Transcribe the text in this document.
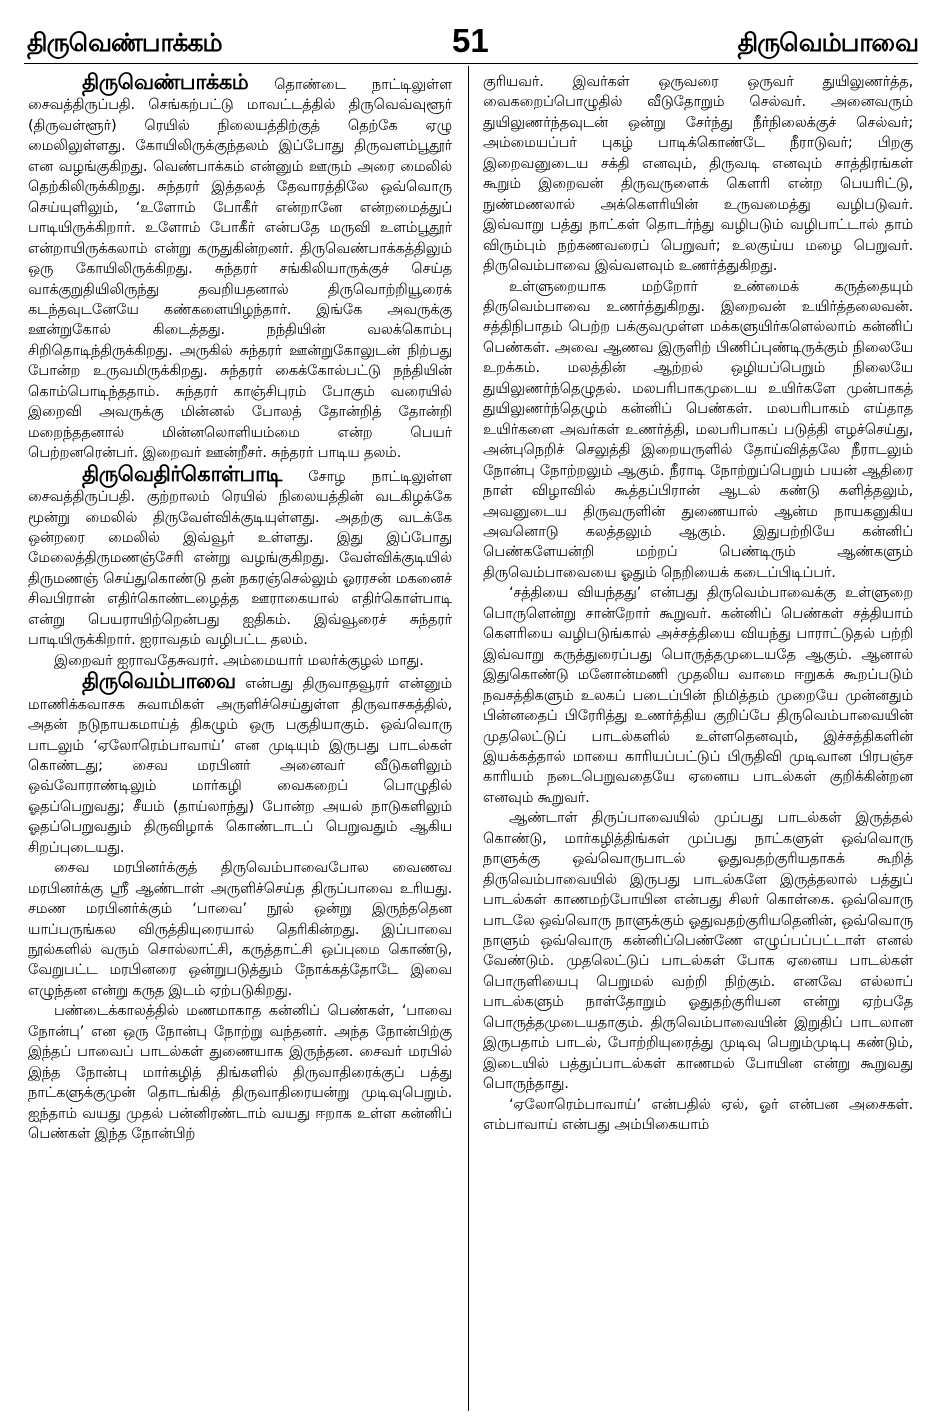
திருவெண்பாக்கம்	51	திருவெம்பாவை

திருவெண்பாக்கம் தொண்டை நாட்டிலுள்ள சைவத்திருப்பதி. செங்கற்பட்டு மாவட்டத்தில் திருவெவ்வுளூர் (திருவள்ளூர்) ரெயில் நிலையத்திற்குத் தெற்கே ஏழு மைலிலுள்ளது. கோயிலிருக்குந்தலம் இப்போது திருவளம்பூதூர் என வழங்குகிறது. வெண்பாக்கம் என்னும் ஊரும் அரை மைலில் தெற்கிலிருக்கிறது. சுந்தரர் இத்தலத் தேவாரத்திலே ஒவ்வொரு செய்யுளிலும், ‘உளோம் போகீர் என்றானே என்றமைத்துப் பாடியிருக்கிறார். உளோம் போகீர் என்பதே மருவி உளம்பூதூர் என்றாயிருக்கலாம் என்று கருதுகின்றனர். திருவெண்பாக்கத்திலும் ஒரு கோயிலிருக்கிறது. சுந்தரர் சங்கிலியாருக்குச் செய்த வாக்குறுதியிலிருந்து தவறியதனால் திருவொற்றியூரைக் கடந்தவுடனேயே கண்களையிழந்தார். இங்கே அவருக்கு ஊன்றுகோல் கிடைத்தது. நந்தியின் வலக்கொம்பு சிறிதொடிந்திருக்கிறது. அருகில் சுந்தரர் ஊன்றுகோலுடன் நிற்பது போன்ற உருவமிருக்கிறது. சுந்தரர் கைக்கோல்பட்டு நந்தியின் கொம்பொடிந்ததாம். சுந்தரர் காஞ்சிபுரம் போகும் வரையில் இறைவி அவருக்கு மின்னல் போலத் தோன்றித் தோன்றி மறைந்ததனால் மின்னலொளியம்மை என்ற பெயர் பெற்றனரென்பர். இறைவர் ஊன்றீசர். சுந்தரர் பாடிய தலம்.

திருவெதிர்கொள்பாடி சோழ நாட்டிலுள்ள சைவத்திருப்பதி. குற்றாலம் ரெயில் நிலையத்தின் வடகிழக்கே மூன்று மைலில் திருவேள்விக்குடியுள்ளது. அதற்கு வடக்கே ஒன்றரை மைலில் இவ்வூர் உள்ளது. இது இப்போது மேலைத்திருமணஞ்சேரி என்று வழங்குகிறது. வேள்விக்குடியில் திருமணஞ் செய்துகொண்டு தன் நகரஞ்செல்லும் ஓரரசன் மகனைச் சிவபிரான் எதிர்கொண்டழைத்த ஊராகையால் எதிர்கொள்பாடி என்று பெயராயிற்றென்பது ஐதிகம். இவ்வூரைச் சுந்தரர் பாடியிருக்கிறார். ஐராவதம் வழிபட்ட தலம்.

இறைவர் ஐராவதேசுவரர். அம்மையார் மலர்க்குழல் மாது.

திருவெம்பாவை என்பது திருவாதவூரர் என்னும் மாணிக்கவாசக சுவாமிகள் அருளிச்செய்துள்ள திருவாசகத்தில், அதன் நடுநாயகமாய்த் திகழும் ஒரு பகுதியாகும். ஒவ்வொரு பாடலும் ‘ஏலோரெம்பாவாய்’ என முடியும் இருபது பாடல்கள் கொண்டது; சைவ மரபினர் அனைவர் வீடுகளிலும் ஒவ்வோராண்டிலும் மார்கழி வைகறைப் பொழுதில் ஓதப்பெறுவது; சீயம் (தாய்லாந்து) போன்ற அயல் நாடுகளிலும் ஓதப்பெறுவதும் திருவிழாக் கொண்டாடப் பெறுவதும் ஆகிய சிறப்புடையது.

சைவ மரபினர்க்குத் திருவெம்பாவைபோல வைணவ மரபினர்க்கு ஸ்ரீ ஆண்டாள் அருளிச்செய்த திருப்பாவை உரியது. சமண மரபினர்க்கும் ‘பாவை’ நூல் ஒன்று இருந்ததென யாப்பருங்கல விருத்தியுரையால் தெரிகின்றது. இப்பாவை நூல்களில் வரும் சொல்லாட்சி, கருத்தாட்சி ஒப்புமை கொண்டு, வேறுபட்ட மரபினரை ஒன்றுபடுத்தும் நோக்கத்தோடே இவை எழுந்தன என்று கருத இடம் ஏற்படுகிறது.

பண்டைக்காலத்தில் மணமாகாத கன்னிப் பெண்கள், ‘பாவை நோன்பு’ என ஒரு நோன்பு நோற்று வந்தனர். அந்த நோன்பிற்கு இந்தப் பாவைப் பாடல்கள் துணையாக இருந்தன. சைவர் மரபில் இந்த நோன்பு மார்கழித் திங்களில் திருவாதிரைக்குப் பத்து நாட்களுக்குமுன் தொடங்கித் திருவாதிரையன்று முடிவுபெறும். ஐந்தாம் வயது முதல் பன்னிரண்டாம் வயது ஈறாக உள்ள கன்னிப் பெண்கள் இந்த நோன்பிற்

குரியவர். இவர்கள் ஒருவரை ஒருவர் துயிலுணர்த்த, வைகறைப்பொழுதில் வீடுதோறும் செல்வர். அனைவரும் துயிலுணர்ந்தவுடன் ஒன்று சேர்ந்து நீர்நிலைக்குச் செல்வர்; அம்மையப்பர் புகழ் பாடிக்கொண்டே நீராடுவர்; பிறகு இறைவனுடைய சக்தி எனவும், திருவடி எனவும் சாத்திரங்கள் கூறும் இறைவன் திருவருளைக் கௌரி என்ற பெயரிட்டு, நுண்மணலால் அக்கௌரியின் உருவமைத்து வழிபடுவர். இவ்வாறு பத்து நாட்கள் தொடர்ந்து வழிபடும் வழிபாட்டால் தாம் விரும்பும் நற்கணவரைப் பெறுவர்; உலகுய்ய மழை பெறுவர். திருவெம்பாவை இவ்வளவும் உணர்த்துகிறது.

உள்ளுறையாக மற்றோர் உண்மைக் கருத்தையும் திருவெம்பாவை உணர்த்துகிறது. இறைவன் உயிர்த்தலைவன். சத்திநிபாதம் பெற்ற பக்குவமுள்ள மக்களுயிர்களெல்லாம் கன்னிப் பெண்கள். அவை ஆணவ இருளிற் பிணிப்புண்டிருக்கும் நிலையே உறக்கம். மலத்தின் ஆற்றல் ஒழியப்பெறும் நிலையே துயிலுணர்ந்தெழுதல். மலபரிபாகமுடைய உயிர்களே முன்பாகத் துயிலுணர்ந்தெழும் கன்னிப் பெண்கள். மலபரிபாகம் எய்தாத உயிர்களை அவர்கள் உணர்த்தி, மலபரிபாகப் படுத்தி எழச்செய்து, அன்புநெறிச் செலுத்தி இறையருளில் தோய்வித்தலே நீராடலும் நோன்பு நோற்றலும் ஆகும். நீராடி நோற்றுப்பெறும் பயன் ஆதிரை நாள் விழாவில் கூத்தப்பிரான் ஆடல் கண்டு களித்தலும், அவனுடைய திருவருளின் துணையால் ஆன்ம நாயகனுகிய அவனொடு கலத்தலும் ஆகும். இதுபற்றியே கன்னிப் பெண்களேயன்றி மற்றப் பெண்டிரும் ஆண்களும் திருவெம்பாவையை ஓதும் நெறியைக் கடைப்பிடிப்பர்.

‘சத்தியை வியந்தது’ என்பது திருவெம்பாவைக்கு உள்ளுறை பொருளென்று சான்றோர் கூறுவர். கன்னிப் பெண்கள் சத்தியாம் கௌரியை வழிபடுங்கால் அச்சத்தியை வியந்து பாராட்டுதல் பற்றி இவ்வாறு கருத்துரைப்பது பொருத்தமுடையதே ஆகும். ஆனால் இதுகொண்டு மனோன்மணி முதலிய வாமை ஈறுகக் கூறப்படும் நவசத்திகளும் உலகப் படைப்பின் நிமித்தம் முறையே முன்னதும் பின்னதைப் பிரேரித்து உணர்த்திய குறிப்பே திருவெம்பாவையின் முதலெட்டுப் பாடல்களில் உள்ளதெனவும், இச்சத்திகளின் இயக்கத்தால் மாயை காரியப்பட்டுப் பிருதிவி முடிவான பிரபஞ்ச காரியம் நடைபெறுவதையே ஏனைய பாடல்கள் குறிக்கின்றன எனவும் கூறுவர்.

ஆண்டாள் திருப்பாவையில் முப்பது பாடல்கள் இருத்தல் கொண்டு, மார்கழித்திங்கள் முப்பது நாட்களுள் ஒவ்வொரு நாளுக்கு ஒவ்வொருபாடல் ஓதுவதற்குரியதாகக் கூறித் திருவெம்பாவையில் இருபது பாடல்களே இருத்தலால் பத்துப் பாடல்கள் காணமற்போயின என்பது சிலர் கொள்கை. ஒவ்வொரு பாடலே ஒவ்வொரு நாளுக்கும் ஓதுவதற்குரியதெனின், ஒவ்வொரு நாளும் ஒவ்வொரு கன்னிப்பெண்ணே எழுப்பப்பட்டாள் எனல் வேண்டும். முதலெட்டுப் பாடல்கள் போக ஏனைய பாடல்கள் பொருளியைபு பெறுமல் வற்றி நிற்கும். எனவே எல்லாப் பாடல்களும் நாள்தோறும் ஓதுதற்குரியன என்று ஏற்பதே பொருத்தமுடையதாகும். திருவெம்பாவையின் இறுதிப் பாடலான இருபதாம் பாடல், போற்றியுரைத்து முடிவு பெறும்முடிபு கண்டும், இடையில் பத்துப்பாடல்கள் காணமல் போயின என்று கூறுவது பொருந்தாது.

‘ஏலோரெம்பாவாய்’ என்பதில் ஏல், ஓர் என்பன அசைகள். எம்பாவாய் என்பது அம்பிகையாம்
